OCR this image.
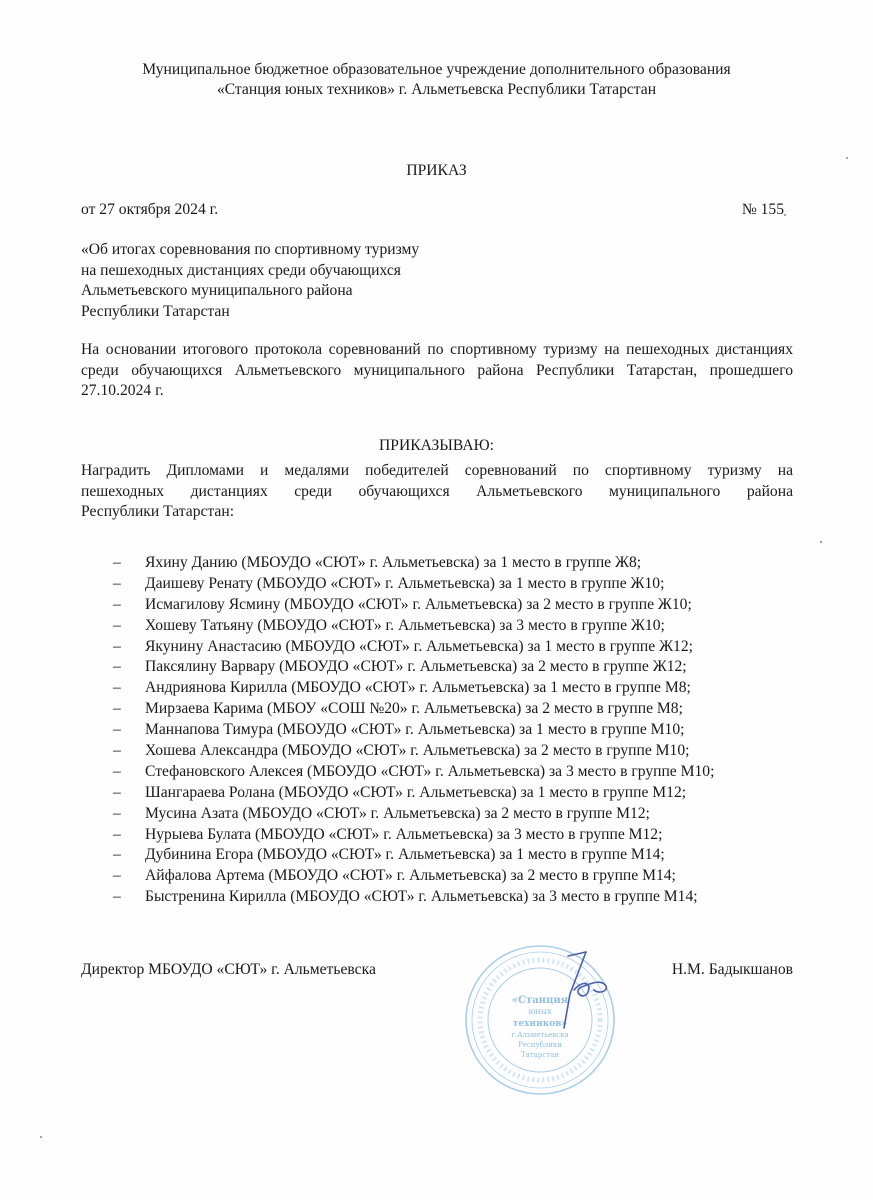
Муниципальное бюджетное образовательное учреждение дополнительного образования
«Станция юных техников» г. Альметьевска Республики Татарстан
ПРИКАЗ
от 27 октября 2024 г.	№ 155
«Об итогах соревнования по спортивному туризму
на пешеходных дистанциях среди обучающихся
Альметьевского муниципального района
Республики Татарстан
На основании итогового протокола соревнований по спортивному туризму на пешеходных дистанциях среди обучающихся Альметьевского муниципального района Республики Татарстан, прошедшего 27.10.2024 г.
ПРИКАЗЫВАЮ:
Наградить Дипломами и медалями победителей соревнований по спортивному туризму на
пешеходных дистанциях среди обучающихся Альметьевского муниципального района
Республики Татарстан:
–	Яхину Данию (МБОУДО «СЮТ» г. Альметьевска) за 1 место в группе Ж8;
–	Даишеву Ренату (МБОУДО «СЮТ» г. Альметьевска) за 1 место в группе Ж10;
–	Исмагилову Ясмину (МБОУДО «СЮТ» г. Альметьевска) за 2 место в группе Ж10;
–	Хошеву Татьяну (МБОУДО «СЮТ» г. Альметьевска) за 3 место в группе Ж10;
–	Якунину Анастасию (МБОУДО «СЮТ» г. Альметьевска) за 1 место в группе Ж12;
–	Паксялину Варвару (МБОУДО «СЮТ» г. Альметьевска) за 2 место в группе Ж12;
–	Андриянова Кирилла (МБОУДО «СЮТ» г. Альметьевска) за 1 место в группе М8;
–	Мирзаева Карима (МБОУ «СОШ №20» г. Альметьевска) за 2 место в группе М8;
–	Маннапова Тимура (МБОУДО «СЮТ» г. Альметьевска) за 1 место в группе М10;
–	Хошева Александра (МБОУДО «СЮТ» г. Альметьевска) за 2 место в группе М10;
–	Стефановского Алексея (МБОУДО «СЮТ» г. Альметьевска) за 3 место в группе М10;
–	Шангараева Ролана (МБОУДО «СЮТ» г. Альметьевска) за 1 место в группе М12;
–	Мусина Азата (МБОУДО «СЮТ» г. Альметьевска) за 2 место в группе М12;
–	Нурыева Булата (МБОУДО «СЮТ» г. Альметьевска) за 3 место в группе М12;
–	Дубинина Егора (МБОУДО «СЮТ» г. Альметьевска) за 1 место в группе М14;
–	Айфалова Артема (МБОУДО «СЮТ» г. Альметьевска) за 2 место в группе М14;
–	Быстренина Кирилла (МБОУДО «СЮТ» г. Альметьевска) за 3 место в группе М14;
«Станция
юных
техников»
г.Альметьевска
Республики
Татарстан
Директор МБОУДО «СЮТ» г. Альметьевска	Н.М. Бадыкшанов
